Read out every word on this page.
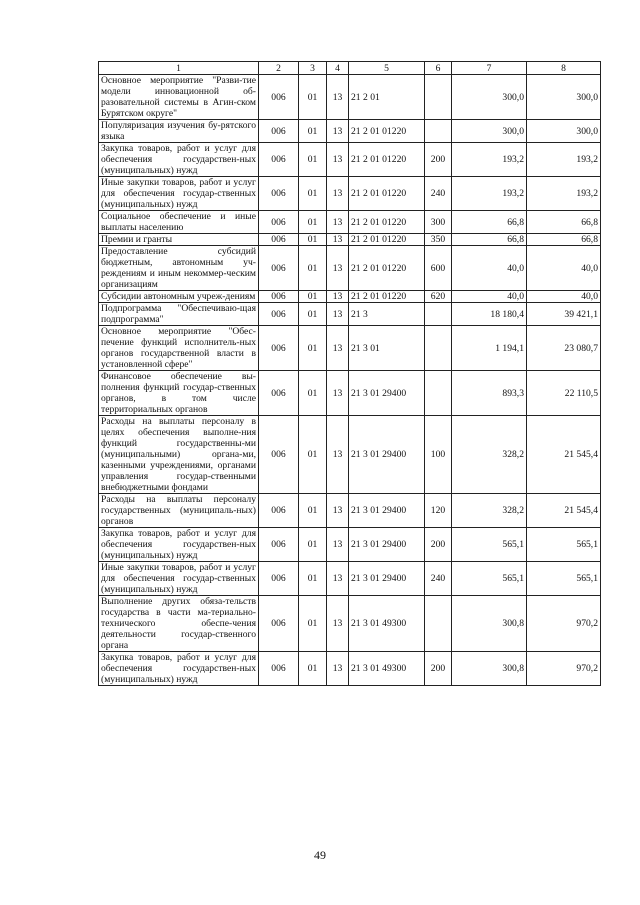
1	2	3	4	5	6	7	8
Основное мероприятие "Разви-тие модели инновационной об-разовательной системы в Агин-ском Бурятском округе"	006	01	13	21 2 01		300,0	300,0
Популяризация изучения бу-рятского языка	006	01	13	21 2 01 01220		300,0	300,0
Закупка товаров, работ и услуг для обеспечения государствен-ных (муниципальных) нужд	006	01	13	21 2 01 01220	200	193,2	193,2
Иные закупки товаров, работ и услуг для обеспечения государ-ственных (муниципальных) нужд	006	01	13	21 2 01 01220	240	193,2	193,2
Социальное обеспечение и иные выплаты населению	006	01	13	21 2 01 01220	300	66,8	66,8
Премии и гранты	006	01	13	21 2 01 01220	350	66,8	66,8
Предоставление субсидий бюджетным, автономным уч-реждениям и иным некоммер-ческим организациям	006	01	13	21 2 01 01220	600	40,0	40,0
Субсидии автономным учреж-дениям	006	01	13	21 2 01 01220	620	40,0	40,0
Подпрограмма "Обеспечиваю-щая подпрограмма"	006	01	13	21 3		18 180,4	39 421,1
Основное мероприятие "Обес-печение функций исполнитель-ных органов государственной власти в установленной сфере"	006	01	13	21 3 01		1 194,1	23 080,7
Финансовое обеспечение вы-полнения функций государ-ственных органов, в том числе территориальных органов	006	01	13	21 3 01 29400		893,3	22 110,5
Расходы на выплаты персоналу в целях обеспечения выполне-ния функций государственны-ми (муниципальными) органа-ми, казенными учреждениями, органами управления государ-ственными внебюджетными фондами	006	01	13	21 3 01 29400	100	328,2	21 545,4
Расходы на выплаты персоналу государственных (муниципаль-ных) органов	006	01	13	21 3 01 29400	120	328,2	21 545,4
Закупка товаров, работ и услуг для обеспечения государствен-ных (муниципальных) нужд	006	01	13	21 3 01 29400	200	565,1	565,1
Иные закупки товаров, работ и услуг для обеспечения государ-ственных (муниципальных) нужд	006	01	13	21 3 01 29400	240	565,1	565,1
Выполнение других обяза-тельств государства в части ма-териально-технического обеспе-чения деятельности государ-ственного органа	006	01	13	21 3 01 49300		300,8	970,2
Закупка товаров, работ и услуг для обеспечения государствен-ных (муниципальных) нужд	006	01	13	21 3 01 49300	200	300,8	970,2
49
